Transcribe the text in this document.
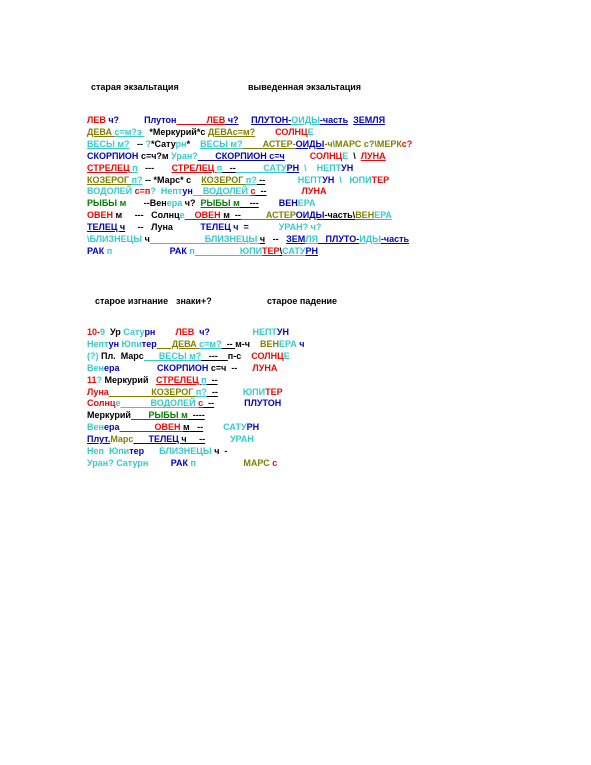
старая экзальтация	выведенная экзальтация
ЛЕВ ч?          Плутон            ЛЕВ ч? ПЛУТОН-ОИДЫ-часть ЗЕМЛЯ
ДЕВА с=м?э   *Меркурий*с ДЕВАс=м?        СОЛНЦЕ
ВЕСЫ м?   -- ?*Сатурн*    ВЕСЫ м?        АСТЕР-ОИДЫ-ч\МАРС с?\МЕРКс?
СКОРПИОН с=ч?м Уран?       СКОРПИОН с=ч          СОЛНЦЕ  \  ЛУНА
СТРЕЛЕЦ п   ---       СТРЕЛЕЦ п   --           САТУРН  \    НЕПТУН
КОЗЕРОГ п? -- *Марс* с    КОЗЕРОГ п? --             НЕПТУН  \   ЮПИТЕР
ВОДОЛЕЙ с=п?  Нептун    ВОДОЛЕЙ с  --              ЛУНА
РЫБЫ м       --Венера ч?  РЫБЫ м    ---        ВЕНЕРА
ОВЕН м     ---   Солнце    ОВЕН м  --          АСТЕРОИДЫ-часть\ВЕНЕРА
ТЕЛЕЦ ч     --   Луна           ТЕЛЕЦ ч  =            УРАН? ч?
\БЛИЗНЕЦЫ ч                      БЛИЗНЕЦЫ ч   --   ЗЕМЛЯ   ПЛУТО-ИДЫ-часть
РАК п                       РАК п                  ЮПИТЕР\САТУРН
старое изгнание знаки+?	старое падение
10-9  Ур Сатурн        ЛЕВ  ч?                 НЕПТУН
Нептун Юпитер      ДЕВА с=м?  -- м-ч    ВЕНЕРА ч
(?) Пл.  Марс      ВЕСЫ м?   ---    п-с    СОЛНЦЕ
Венера               СКОРПИОН с=ч  --      ЛУНА
11? Меркурий   СТРЕЛЕЦ п  --
Луна                 КОЗЕРОГ п?  --          ЮПИТЕР
Солнце            ВОДОЛЕЙ с  --            ПЛУТОН
Меркурий       РЫБЫ м  ----
Венера              ОВЕН м   --        САТУРН
Плут.Марс      ТЕЛЕЦ ч     --          УРАН
Неп  Юпитер      БЛИЗНЕЦЫ ч  -
Уран? Сатурн         РАК п                   МАРС с
